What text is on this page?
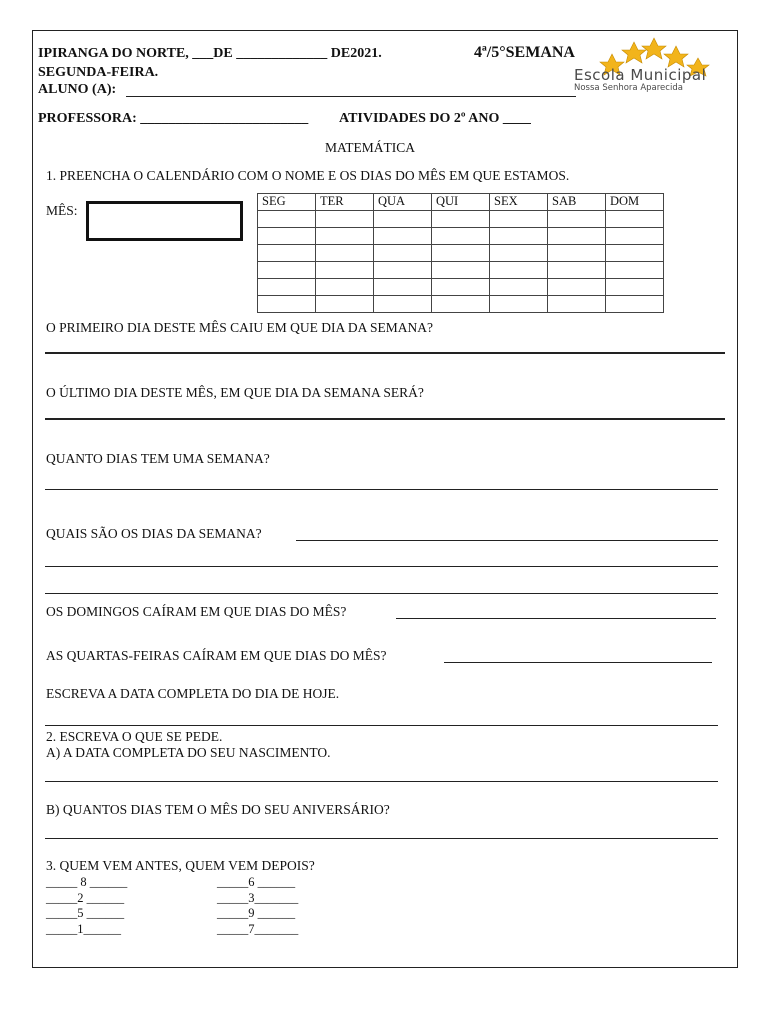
IPIRANGA DO NORTE, ___DE _____________ DE2021.	4ª/5°SEMANA
SEGUNDA-FEIRA.
ALUNO (A):
Escola Municipal
Nossa Senhora Aparecida
PROFESSORA: ________________________ ATIVIDADES DO 2º ANO ____
MATEMÁTICA
1. PREENCHA O CALENDÁRIO COM O NOME E OS DIAS DO MÊS EM QUE ESTAMOS.
MÊS:
SEG	TER	QUA	QUI	SEX	SAB	DOM

O PRIMEIRO DIA DESTE MÊS CAIU EM QUE DIA DA SEMANA?
O ÚLTIMO DIA DESTE MÊS, EM QUE DIA DA SEMANA SERÁ?
QUANTO DIAS TEM UMA SEMANA?
QUAIS SÃO OS DIAS DA SEMANA?
OS DOMINGOS CAÍRAM EM QUE DIAS DO MÊS?
AS QUARTAS-FEIRAS CAÍRAM EM QUE DIAS DO MÊS?
ESCREVA A DATA COMPLETA DO DIA DE HOJE.
2. ESCREVA O QUE SE PEDE.
A) A DATA COMPLETA DO SEU NASCIMENTO.
B) QUANTOS DIAS TEM O MÊS DO SEU ANIVERSÁRIO?
3. QUEM VEM ANTES, QUEM VEM DEPOIS?
_____ 8 ______
_____2 ______
_____5 ______
_____1______
_____6 ______
_____3_______
_____9 ______
_____7_______
